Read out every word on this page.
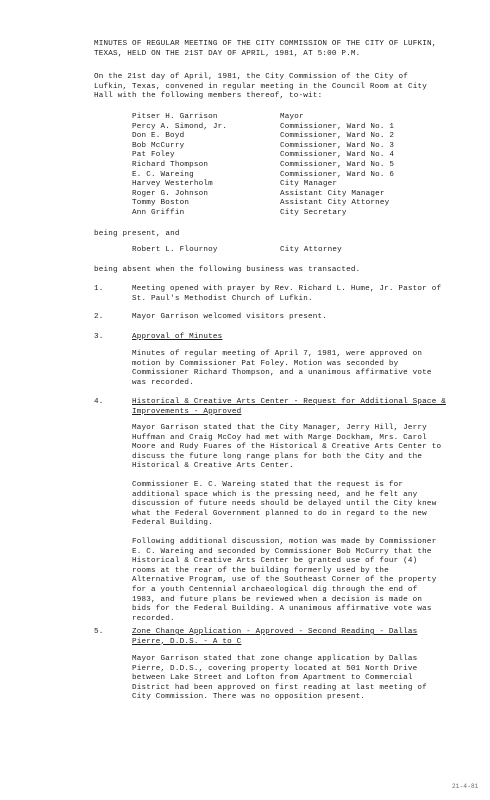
MINUTES OF REGULAR MEETING OF THE CITY COMMISSION OF THE CITY OF LUFKIN, TEXAS, HELD ON THE 21ST DAY OF APRIL, 1981, AT 5:00 P.M.
On the 21st day of April, 1981, the City Commission of the City of Lufkin, Texas, convened in regular meeting in the Council Room at City Hall with the following members thereof, to-wit:
Pitser H. Garrison	Mayor
Percy A. Simond, Jr.	Commissioner, Ward No. 1
Don E. Boyd	Commissioner, Ward No. 2
Bob McCurry	Commissioner, Ward No. 3
Pat Foley	Commissioner, Ward No. 4
Richard Thompson	Commissioner, Ward No. 5
E. C. Wareing	Commissioner, Ward No. 6
Harvey Westerholm	City Manager
Roger G. Johnson	Assistant City Manager
Tommy Boston	Assistant City Attorney
Ann Griffin	City Secretary
being present, and
Robert L. Flournoy	City Attorney
being absent when the following business was transacted.
1.	Meeting opened with prayer by Rev. Richard L. Hume, Jr. Pastor of St. Paul's Methodist Church of Lufkin.
2.	Mayor Garrison welcomed visitors present.
3.	Approval of Minutes
Minutes of regular meeting of April 7, 1981, were approved on motion by Commissioner Pat Foley. Motion was seconded by Commissioner Richard Thompson, and a unanimous affirmative vote was recorded.
4.	Historical & Creative Arts Center - Request for Additional Space & Improvements - Approved
Mayor Garrison stated that the City Manager, Jerry Hill, Jerry Huffman and Craig McCoy had met with Marge Dockham, Mrs. Carol Moore and Rudy Fuares of the Historical & Creative Arts Center to discuss the future long range plans for both the City and the Historical & Creative Arts Center.
Commissioner E. C. Wareing stated that the request is for additional space which is the pressing need, and he felt any discussion of future needs should be delayed until the City knew what the Federal Government planned to do in regard to the new Federal Building.
Following additional discussion, motion was made by Commissioner E. C. Wareing and seconded by Commissioner Bob McCurry that the Historical & Creative Arts Center be granted use of four (4) rooms at the rear of the building formerly used by the Alternative Program, use of the Southeast Corner of the property for a youth Centennial archaeological dig through the end of 1983, and future plans be reviewed when a decision is made on bids for the Federal Building. A unanimous affirmative vote was recorded.
5.	Zone Change Application - Approved - Second Reading - Dallas Pierre, D.D.S. - A to C
Mayor Garrison stated that zone change application by Dallas Pierre, D.D.S., covering property located at 501 North Drive between Lake Street and Lofton from Apartment to Commercial District had been approved on first reading at last meeting of City Commission. There was no opposition present.
21-4-81
